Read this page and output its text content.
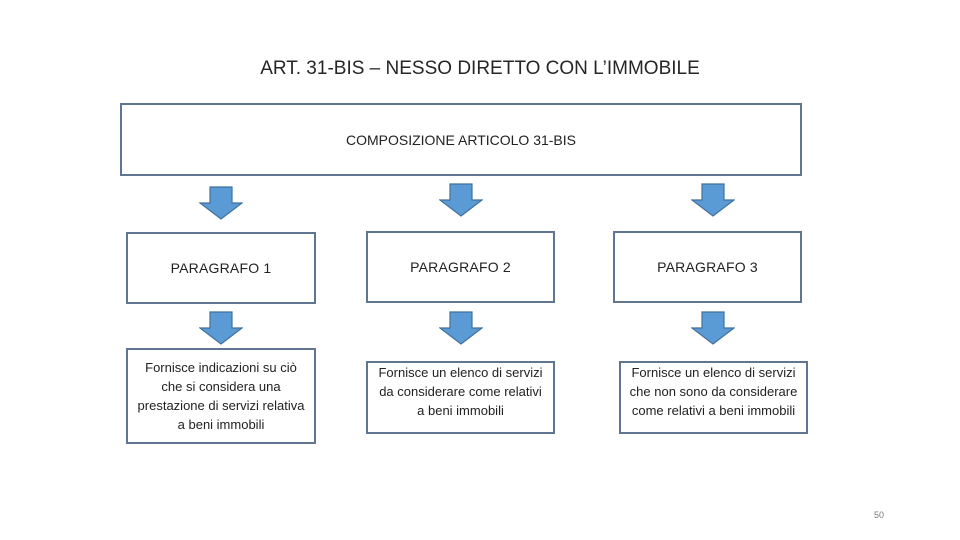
ART. 31-BIS – NESSO DIRETTO CON L’IMMOBILE
COMPOSIZIONE ARTICOLO 31-BIS
PARAGRAFO 1	PARAGRAFO 2	PARAGRAFO 3
Fornisce indicazioni su ciò che si considera una prestazione di servizi relativa a beni immobili
Fornisce un elenco di servizi da considerare come relativi a beni immobili
Fornisce un elenco di servizi che non sono da considerare come relativi a beni immobili
50
